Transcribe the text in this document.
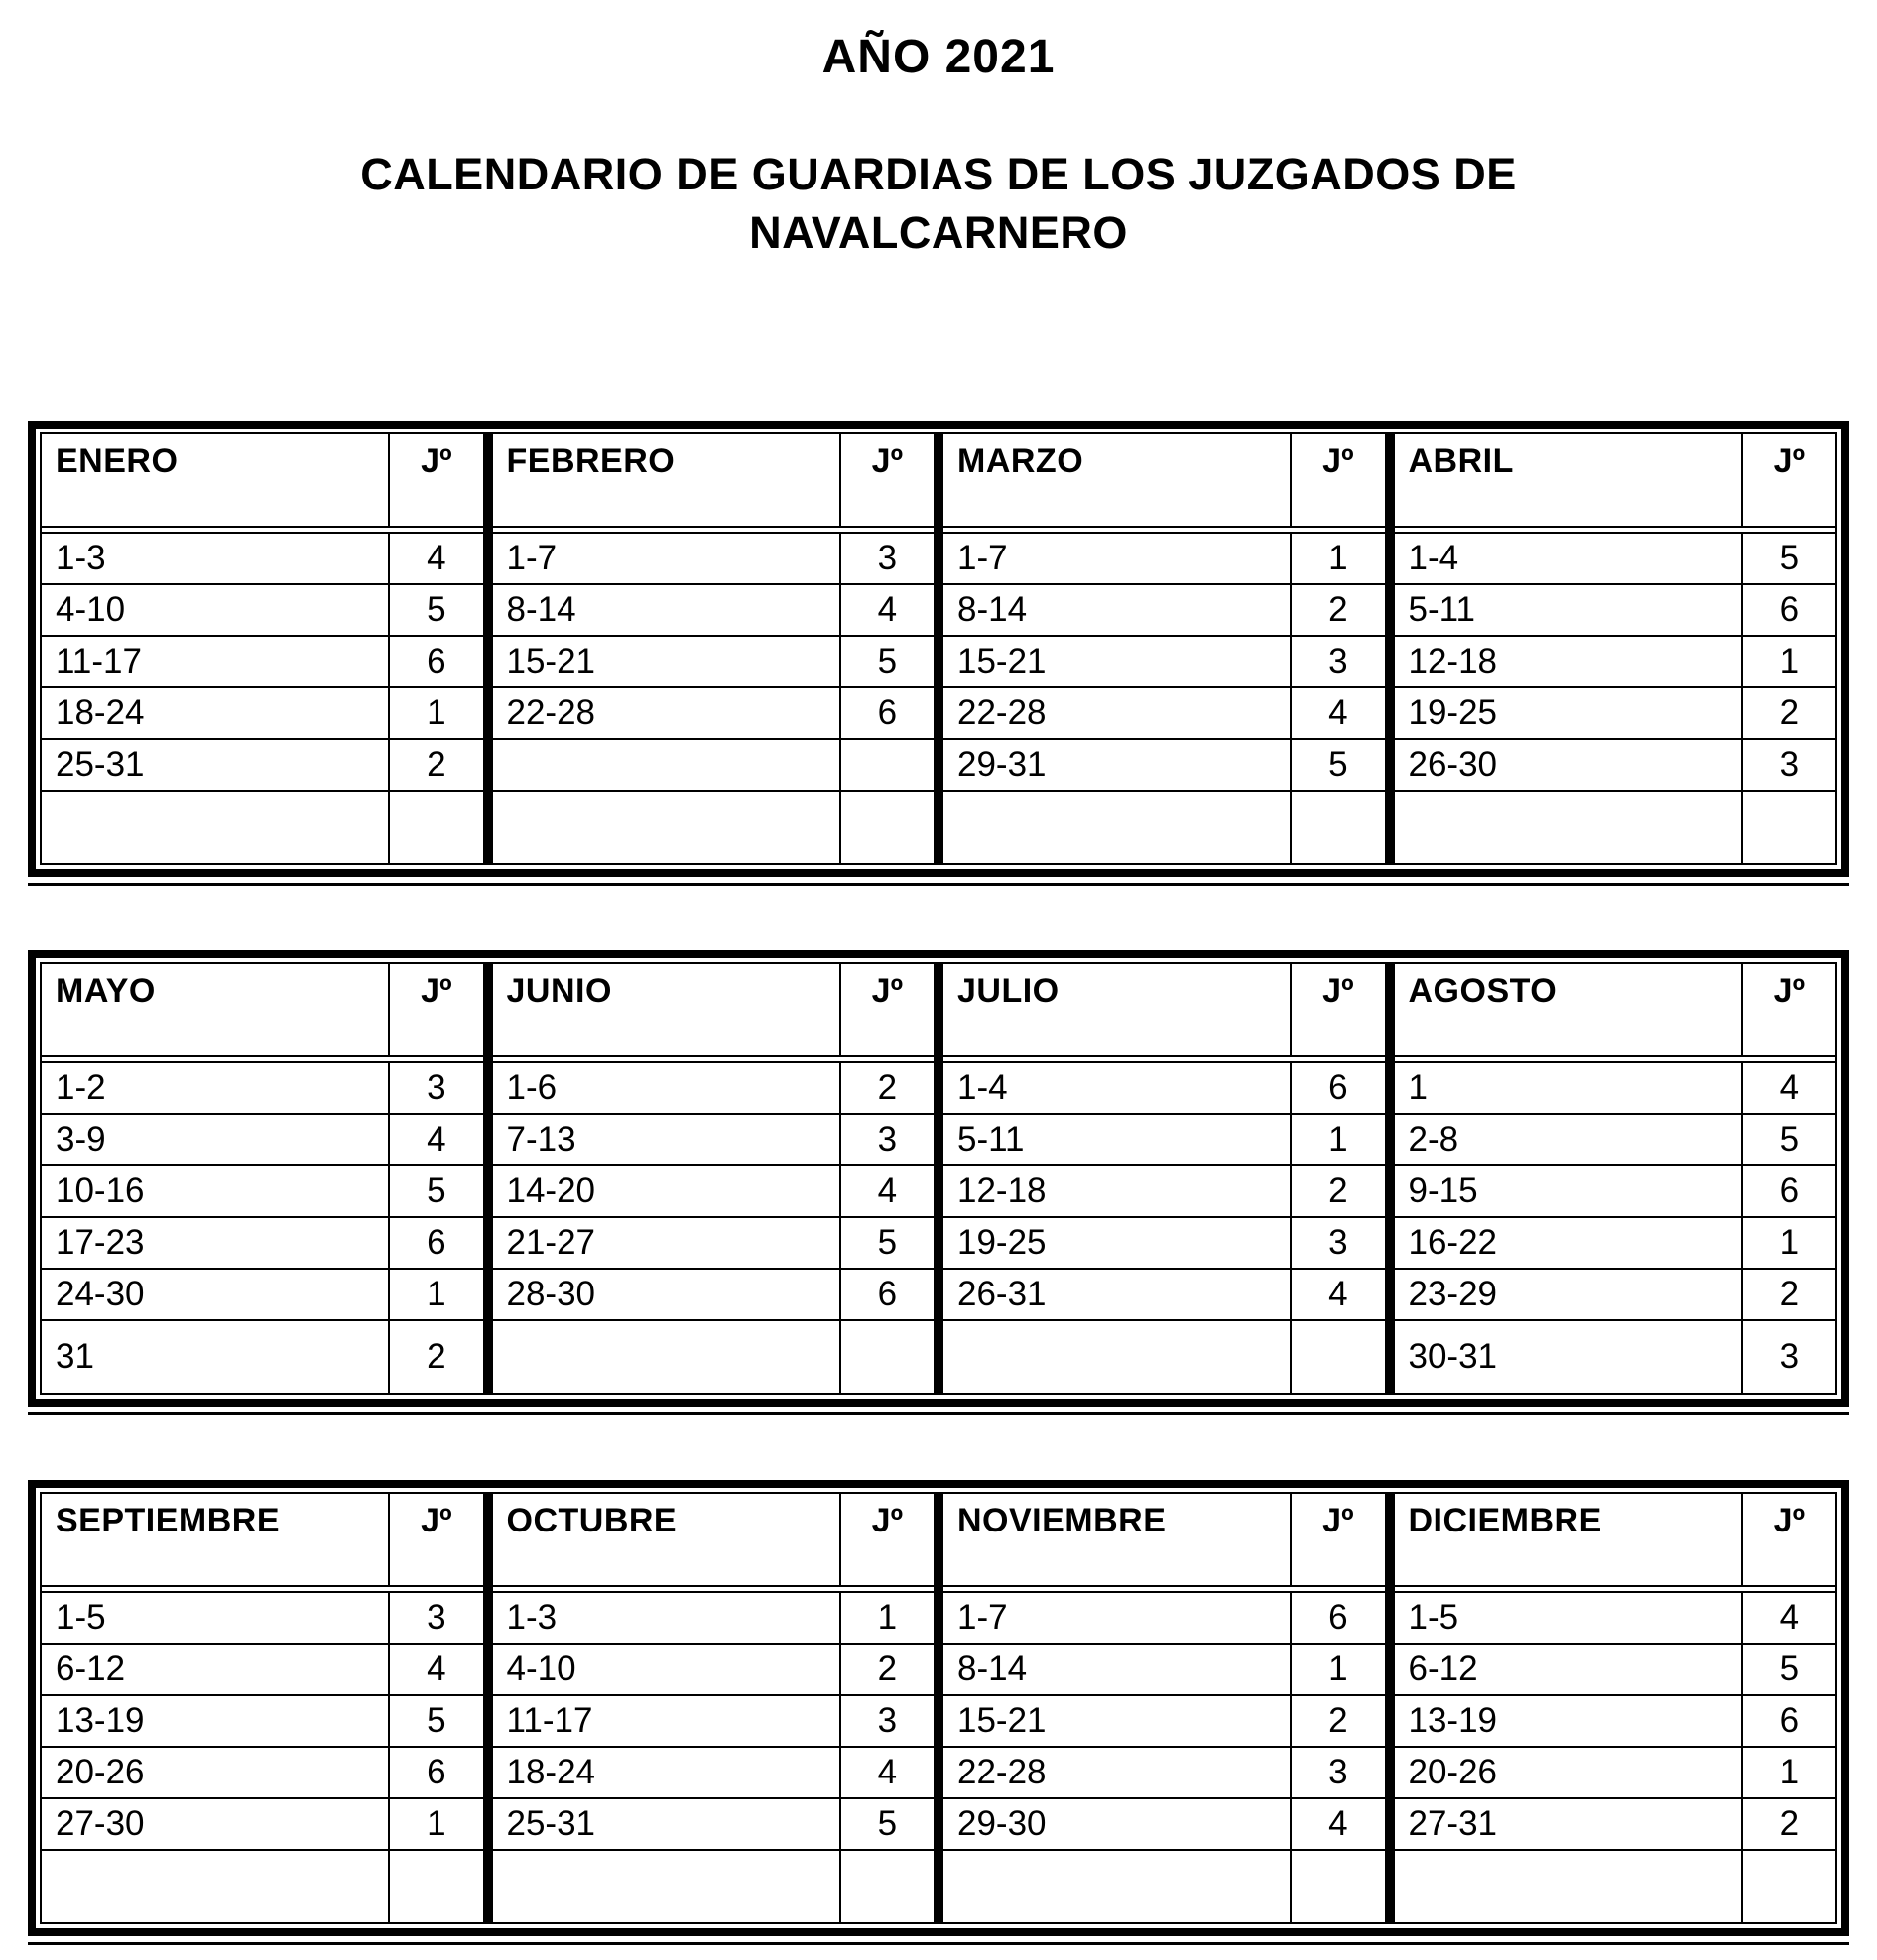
AÑO 2021
CALENDARIO DE GUARDIAS DE LOS JUZGADOS DE NAVALCARNERO
ENERO	Jº
1-3	4
4-10	5
11-17	6
18-24	1
25-31	2
FEBRERO	Jº
1-7	3
8-14	4
15-21	5
22-28	6
MARZO	Jº
1-7	1
8-14	2
15-21	3
22-28	4
29-31	5
ABRIL	Jº
1-4	5
5-11	6
12-18	1
19-25	2
26-30	3
MAYO	Jº
1-2	3
3-9	4
10-16	5
17-23	6
24-30	1
31	2
JUNIO	Jº
1-6	2
7-13	3
14-20	4
21-27	5
28-30	6
JULIO	Jº
1-4	6
5-11	1
12-18	2
19-25	3
26-31	4
AGOSTO	Jº
1	4
2-8	5
9-15	6
16-22	1
23-29	2
30-31	3
SEPTIEMBRE	Jº
1-5	3
6-12	4
13-19	5
20-26	6
27-30	1
OCTUBRE	Jº
1-3	1
4-10	2
11-17	3
18-24	4
25-31	5
NOVIEMBRE	Jº
1-7	6
8-14	1
15-21	2
22-28	3
29-30	4
DICIEMBRE	Jº
1-5	4
6-12	5
13-19	6
20-26	1
27-31	2
